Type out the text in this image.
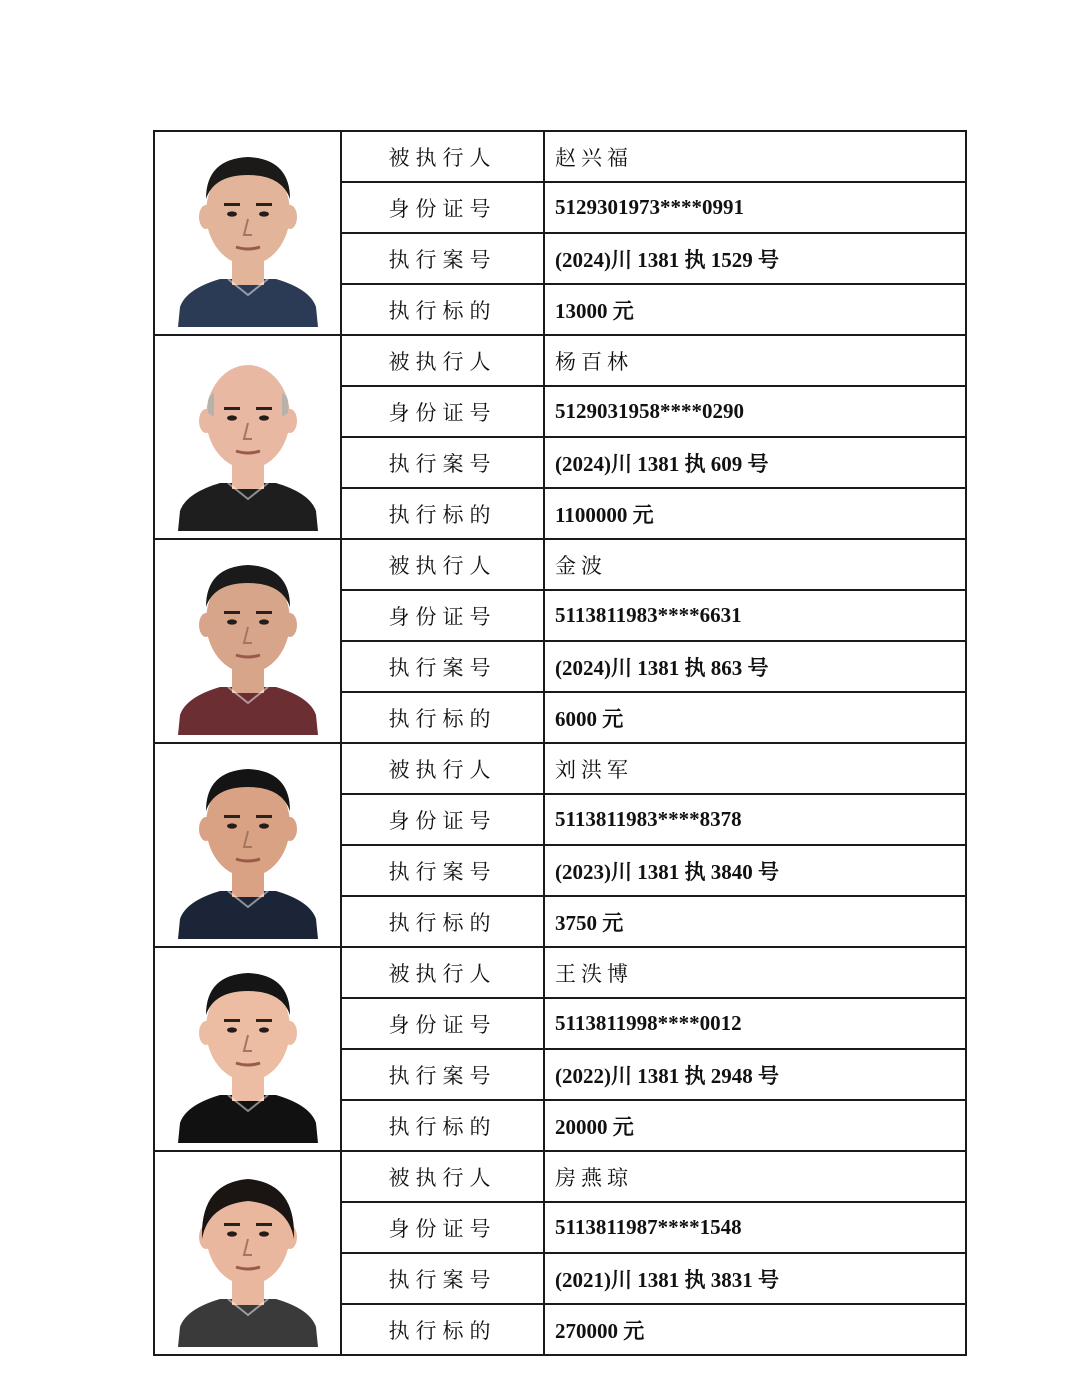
	被执行人	赵兴福
	身份证号	5129301973****0991
	执行案号	(2024)川 1381 执 1529 号
	执行标的	13000 元

	被执行人	杨百林
	身份证号	5129031958****0290
	执行案号	(2024)川 1381 执 609 号
	执行标的	1100000 元

	被执行人	金波
	身份证号	5113811983****6631
	执行案号	(2024)川 1381 执 863 号
	执行标的	6000 元

	被执行人	刘洪军
	身份证号	5113811983****8378
	执行案号	(2023)川 1381 执 3840 号
	执行标的	3750 元

	被执行人	王泆博
	身份证号	5113811998****0012
	执行案号	(2022)川 1381 执 2948 号
	执行标的	20000 元

	被执行人	房燕琼
	身份证号	5113811987****1548
	执行案号	(2021)川 1381 执 3831 号
	执行标的	270000 元
